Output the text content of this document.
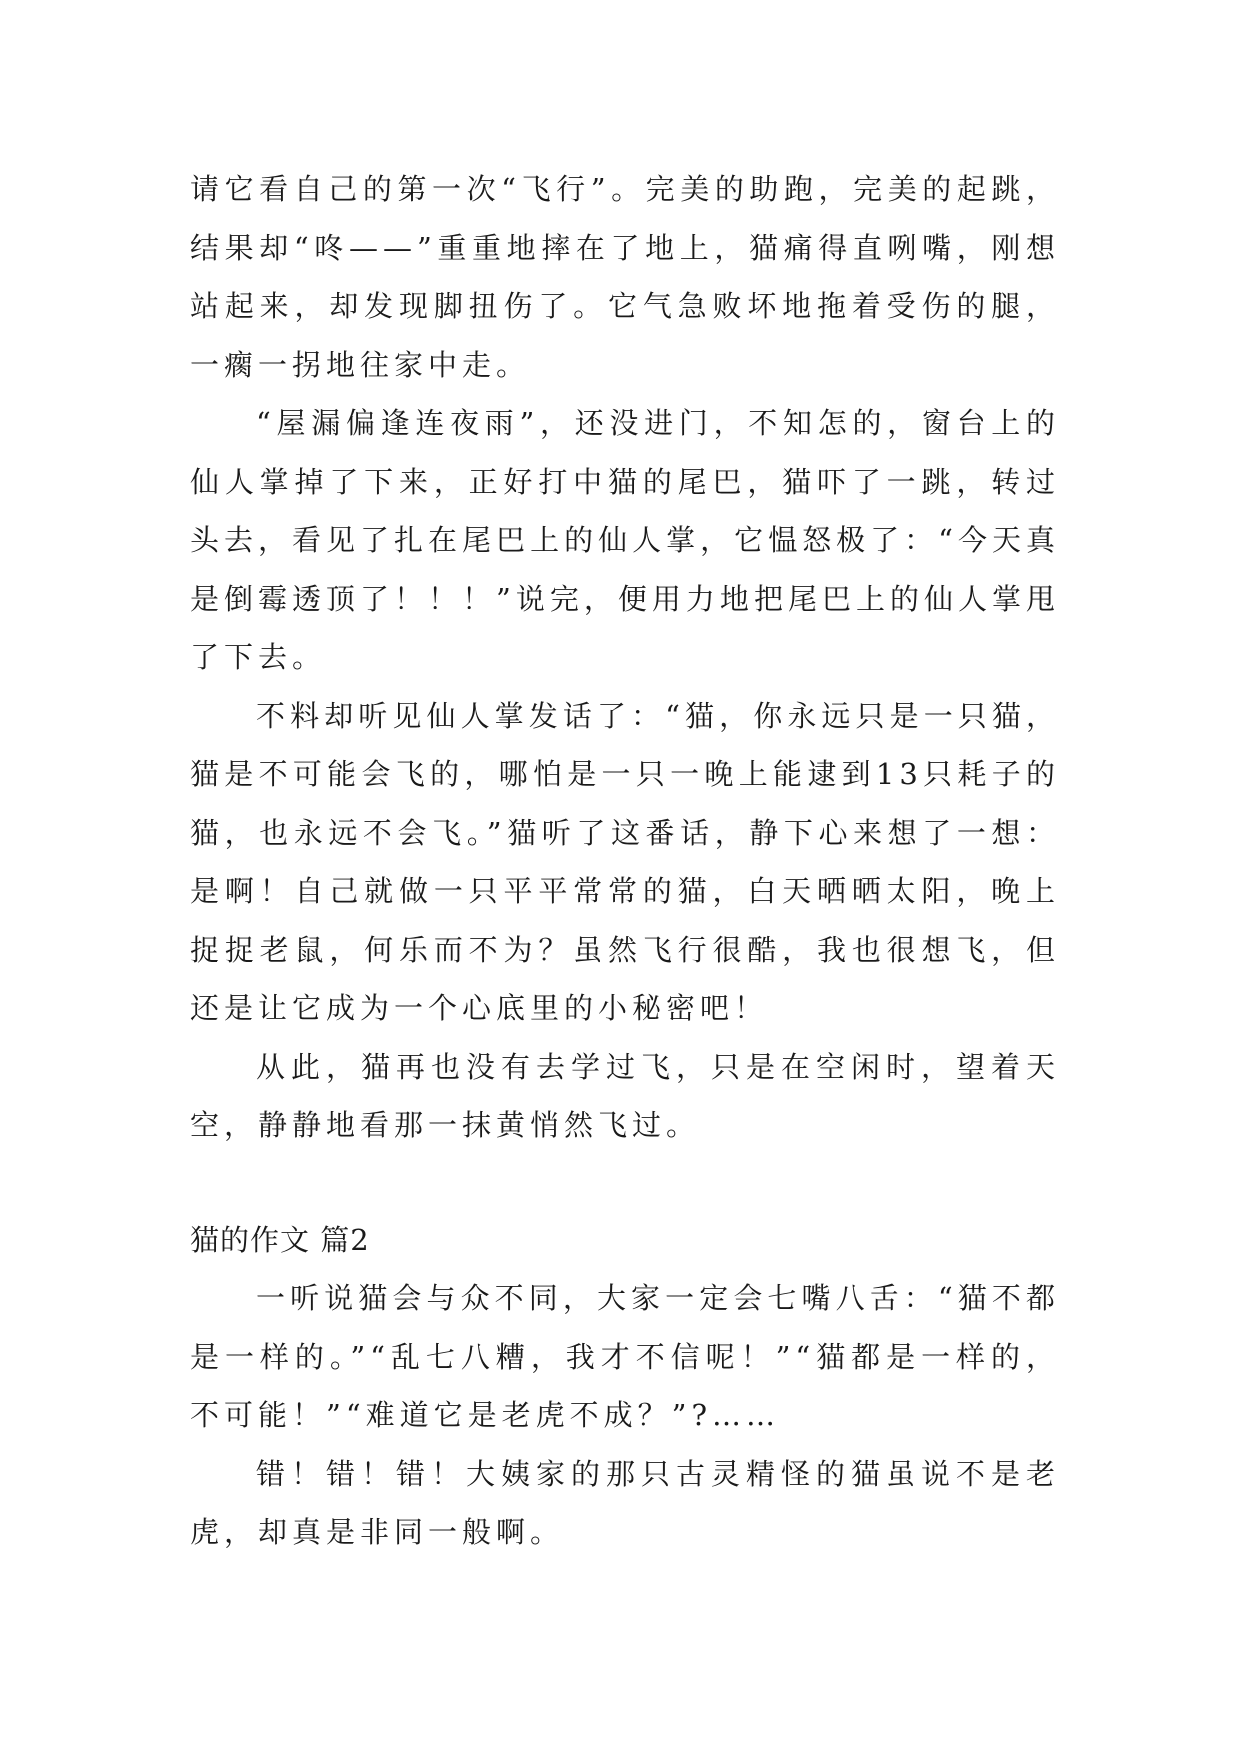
请它看自己的第一次“飞行”。完美的助跑，完美的起跳，结果却“咚——”重重地摔在了地上，猫痛得直咧嘴，刚想站起来，却发现脚扭伤了。它气急败坏地拖着受伤的腿，一瘸一拐地往家中走。

“屋漏偏逢连夜雨”，还没进门，不知怎的，窗台上的仙人掌掉了下来，正好打中猫的尾巴，猫吓了一跳，转过头去，看见了扎在尾巴上的仙人掌，它愠怒极了：“今天真是倒霉透顶了！！！”说完，便用力地把尾巴上的仙人掌甩了下去。

不料却听见仙人掌发话了：“猫，你永远只是一只猫，猫是不可能会飞的，哪怕是一只一晚上能逮到13只耗子的猫，也永远不会飞。”猫听了这番话，静下心来想了一想：是啊！自己就做一只平平常常的猫，白天晒晒太阳，晚上捉捉老鼠，何乐而不为？虽然飞行很酷，我也很想飞，但还是让它成为一个心底里的小秘密吧！

从此，猫再也没有去学过飞，只是在空闲时，望着天空，静静地看那一抹黄悄然飞过。

猫的作文 篇2

一听说猫会与众不同，大家一定会七嘴八舌：“猫不都是一样的。”“乱七八糟，我才不信呢！”“猫都是一样的，不可能！”“难道它是老虎不成？”?……

错！错！错！大姨家的那只古灵精怪的猫虽说不是老虎，却真是非同一般啊。
